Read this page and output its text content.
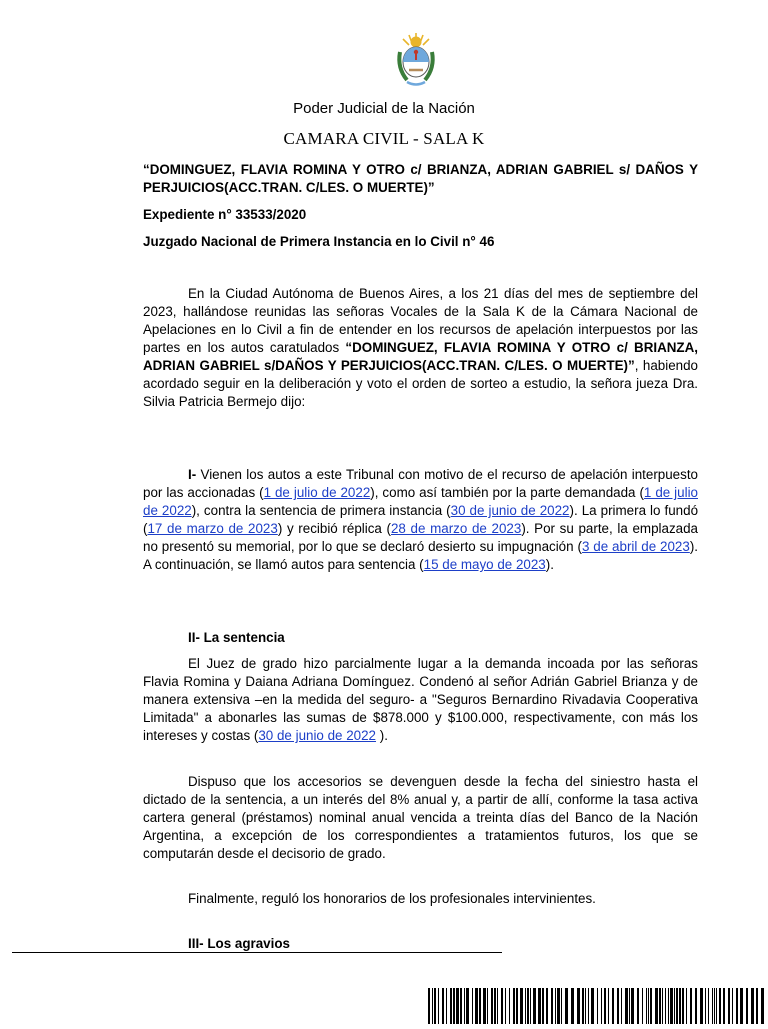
Poder Judicial de la Nación
CAMARA CIVIL - SALA K
“DOMINGUEZ, FLAVIA ROMINA Y OTRO c/ BRIANZA, ADRIAN GABRIEL s/ DAÑOS Y PERJUICIOS(ACC.TRAN. C/LES. O MUERTE)”
Expediente n° 33533/2020
Juzgado Nacional de Primera Instancia en lo Civil n° 46
En la Ciudad Autónoma de Buenos Aires, a los 21 días del mes de septiembre del 2023, hallándose reunidas las señoras Vocales de la Sala K de la Cámara Nacional de Apelaciones en lo Civil a fin de entender en los recursos de apelación interpuestos por las partes en los autos caratulados “DOMINGUEZ, FLAVIA ROMINA Y OTRO c/ BRIANZA, ADRIAN GABRIEL s/DAÑOS Y PERJUICIOS(ACC.TRAN. C/LES. O MUERTE)”, habiendo acordado seguir en la deliberación y voto el orden de sorteo a estudio, la señora jueza Dra. Silvia Patricia Bermejo dijo:
I- Vienen los autos a este Tribunal con motivo de el recurso de apelación interpuesto por las accionadas (1 de julio de 2022), como así también por la parte demandada (1 de julio de 2022), contra la sentencia de primera instancia (30 de junio de 2022). La primera lo fundó (17 de marzo de 2023) y recibió réplica (28 de marzo de 2023). Por su parte, la emplazada no presentó su memorial, por lo que se declaró desierto su impugnación (3 de abril de 2023). A continuación, se llamó autos para sentencia (15 de mayo de 2023).
II- La sentencia
El Juez de grado hizo parcialmente lugar a la demanda incoada por las señoras Flavia Romina y Daiana Adriana Domínguez. Condenó al señor Adrián Gabriel Brianza y de manera extensiva –en la medida del seguro- a "Seguros Bernardino Rivadavia Cooperativa Limitada" a abonarles las sumas de $878.000 y $100.000, respectivamente, con más los intereses y costas (30 de junio de 2022 ).
Dispuso que los accesorios se devenguen desde la fecha del siniestro hasta el dictado de la sentencia, a un interés del 8% anual y, a partir de allí, conforme la tasa activa cartera general (préstamos) nominal anual vencida a treinta días del Banco de la Nación Argentina, a excepción de los correspondientes a tratamientos futuros, los que se computarán desde el decisorio de grado.
Finalmente, reguló los honorarios de los profesionales intervinientes.
III- Los agravios
